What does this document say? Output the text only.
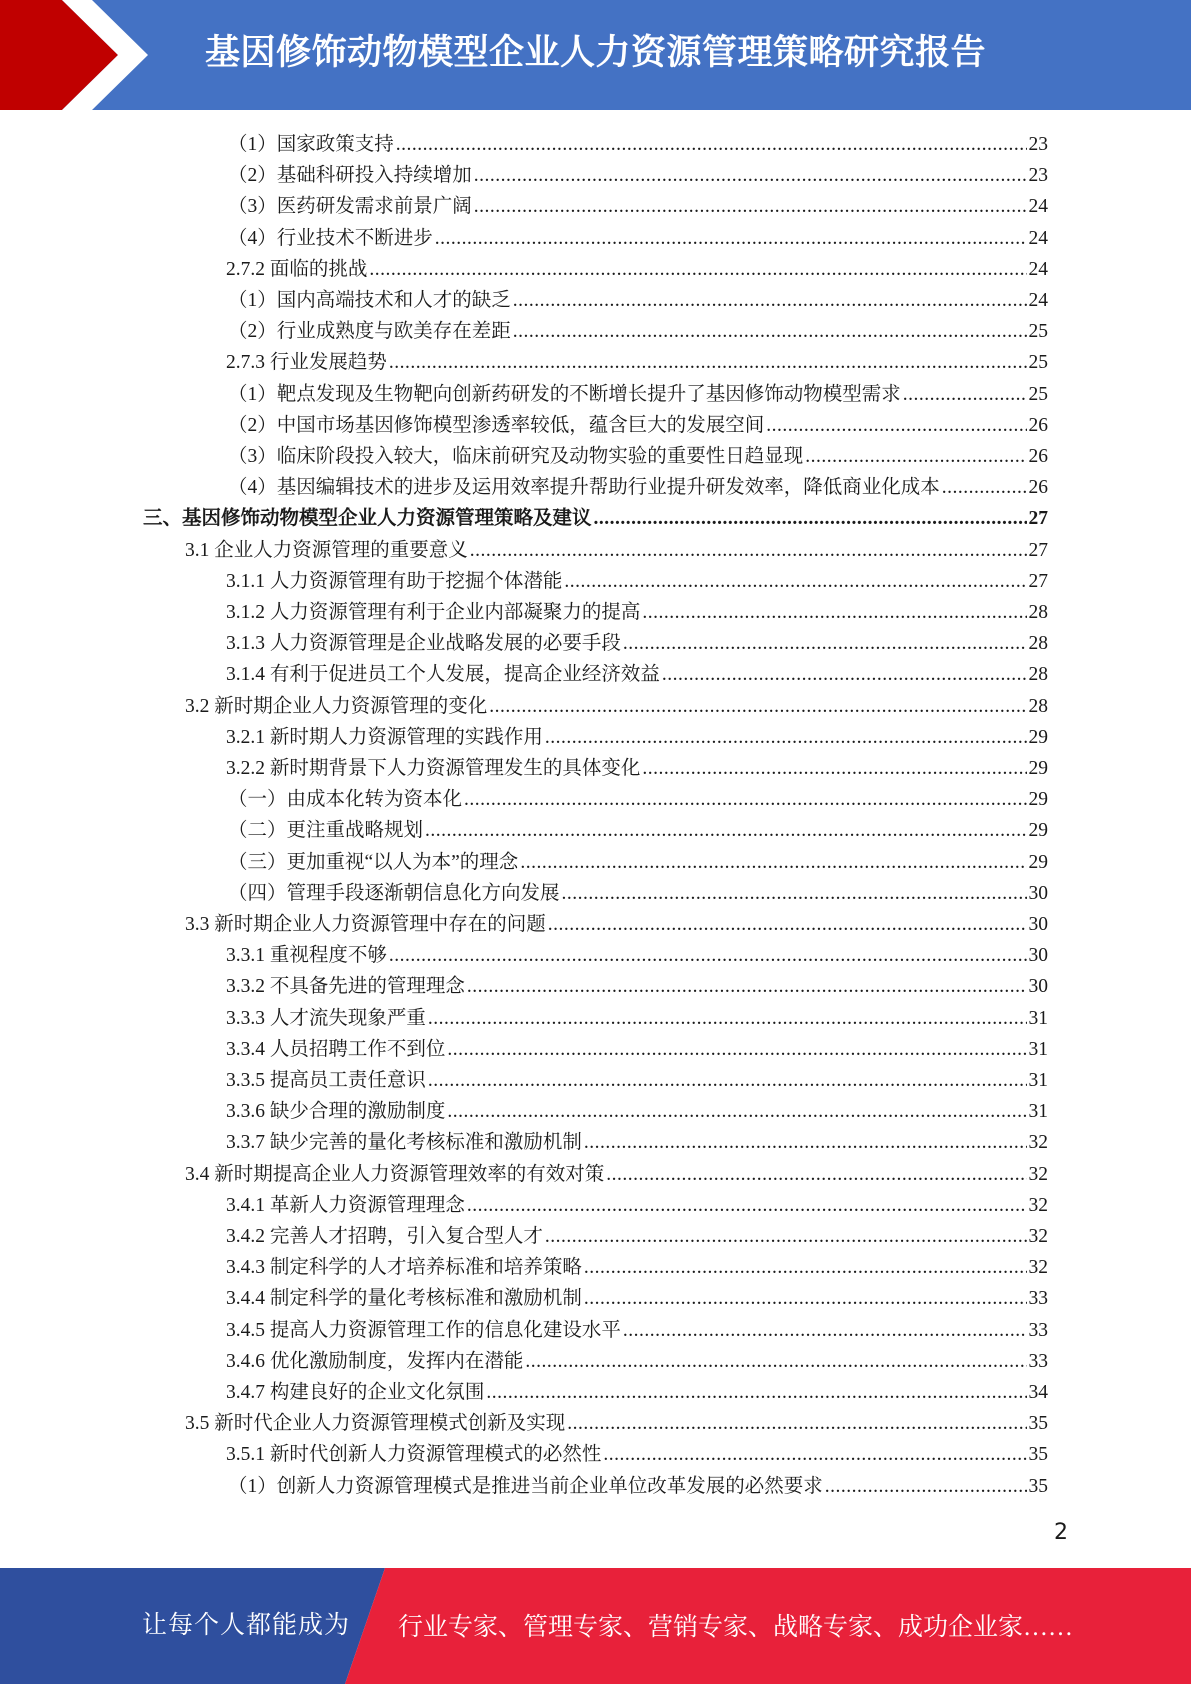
基因修饰动物模型企业人力资源管理策略研究报告
（1）国家政策支持 .....	23
（2）基础科研投入持续增加 .....	23
（3）医药研发需求前景广阔 .....	24
（4）行业技术不断进步 .....	24
2.7.2 面临的挑战 .....	24
（1）国内高端技术和人才的缺乏 .....	24
（2）行业成熟度与欧美存在差距 .....	25
2.7.3 行业发展趋势 .....	25
（1）靶点发现及生物靶向创新药研发的不断增长提升了基因修饰动物模型需求 .....	25
（2）中国市场基因修饰模型渗透率较低，蕴含巨大的发展空间 .....	26
（3）临床阶段投入较大，临床前研究及动物实验的重要性日趋显现 .....	26
（4）基因编辑技术的进步及运用效率提升帮助行业提升研发效率，降低商业化成本 .....	26
三、基因修饰动物模型企业人力资源管理策略及建议 .....	27
3.1 企业人力资源管理的重要意义 .....	27
3.1.1 人力资源管理有助于挖掘个体潜能 .....	27
3.1.2 人力资源管理有利于企业内部凝聚力的提高 .....	28
3.1.3 人力资源管理是企业战略发展的必要手段 .....	28
3.1.4 有利于促进员工个人发展，提高企业经济效益 .....	28
3.2 新时期企业人力资源管理的变化 .....	28
3.2.1 新时期人力资源管理的实践作用 .....	29
3.2.2 新时期背景下人力资源管理发生的具体变化 .....	29
（一）由成本化转为资本化 .....	29
（二）更注重战略规划 .....	29
（三）更加重视“以人为本”的理念 .....	29
（四）管理手段逐渐朝信息化方向发展 .....	30
3.3 新时期企业人力资源管理中存在的问题 .....	30
3.3.1 重视程度不够 .....	30
3.3.2 不具备先进的管理理念 .....	30
3.3.3 人才流失现象严重 .....	31
3.3.4 人员招聘工作不到位 .....	31
3.3.5 提高员工责任意识 .....	31
3.3.6 缺少合理的激励制度 .....	31
3.3.7 缺少完善的量化考核标准和激励机制 .....	32
3.4 新时期提高企业人力资源管理效率的有效对策 .....	32
3.4.1 革新人力资源管理理念 .....	32
3.4.2 完善人才招聘，引入复合型人才 .....	32
3.4.3 制定科学的人才培养标准和培养策略 .....	32
3.4.4 制定科学的量化考核标准和激励机制 .....	33
3.4.5 提高人力资源管理工作的信息化建设水平 .....	33
3.4.6 优化激励制度，发挥内在潜能 .....	33
3.4.7 构建良好的企业文化氛围 .....	34
3.5 新时代企业人力资源管理模式创新及实现 .....	35
3.5.1 新时代创新人力资源管理模式的必然性 .....	35
（1）创新人力资源管理模式是推进当前企业单位改革发展的必然要求 .....	35
2
让每个人都能成为 行业专家、管理专家、营销专家、战略专家、成功企业家……
